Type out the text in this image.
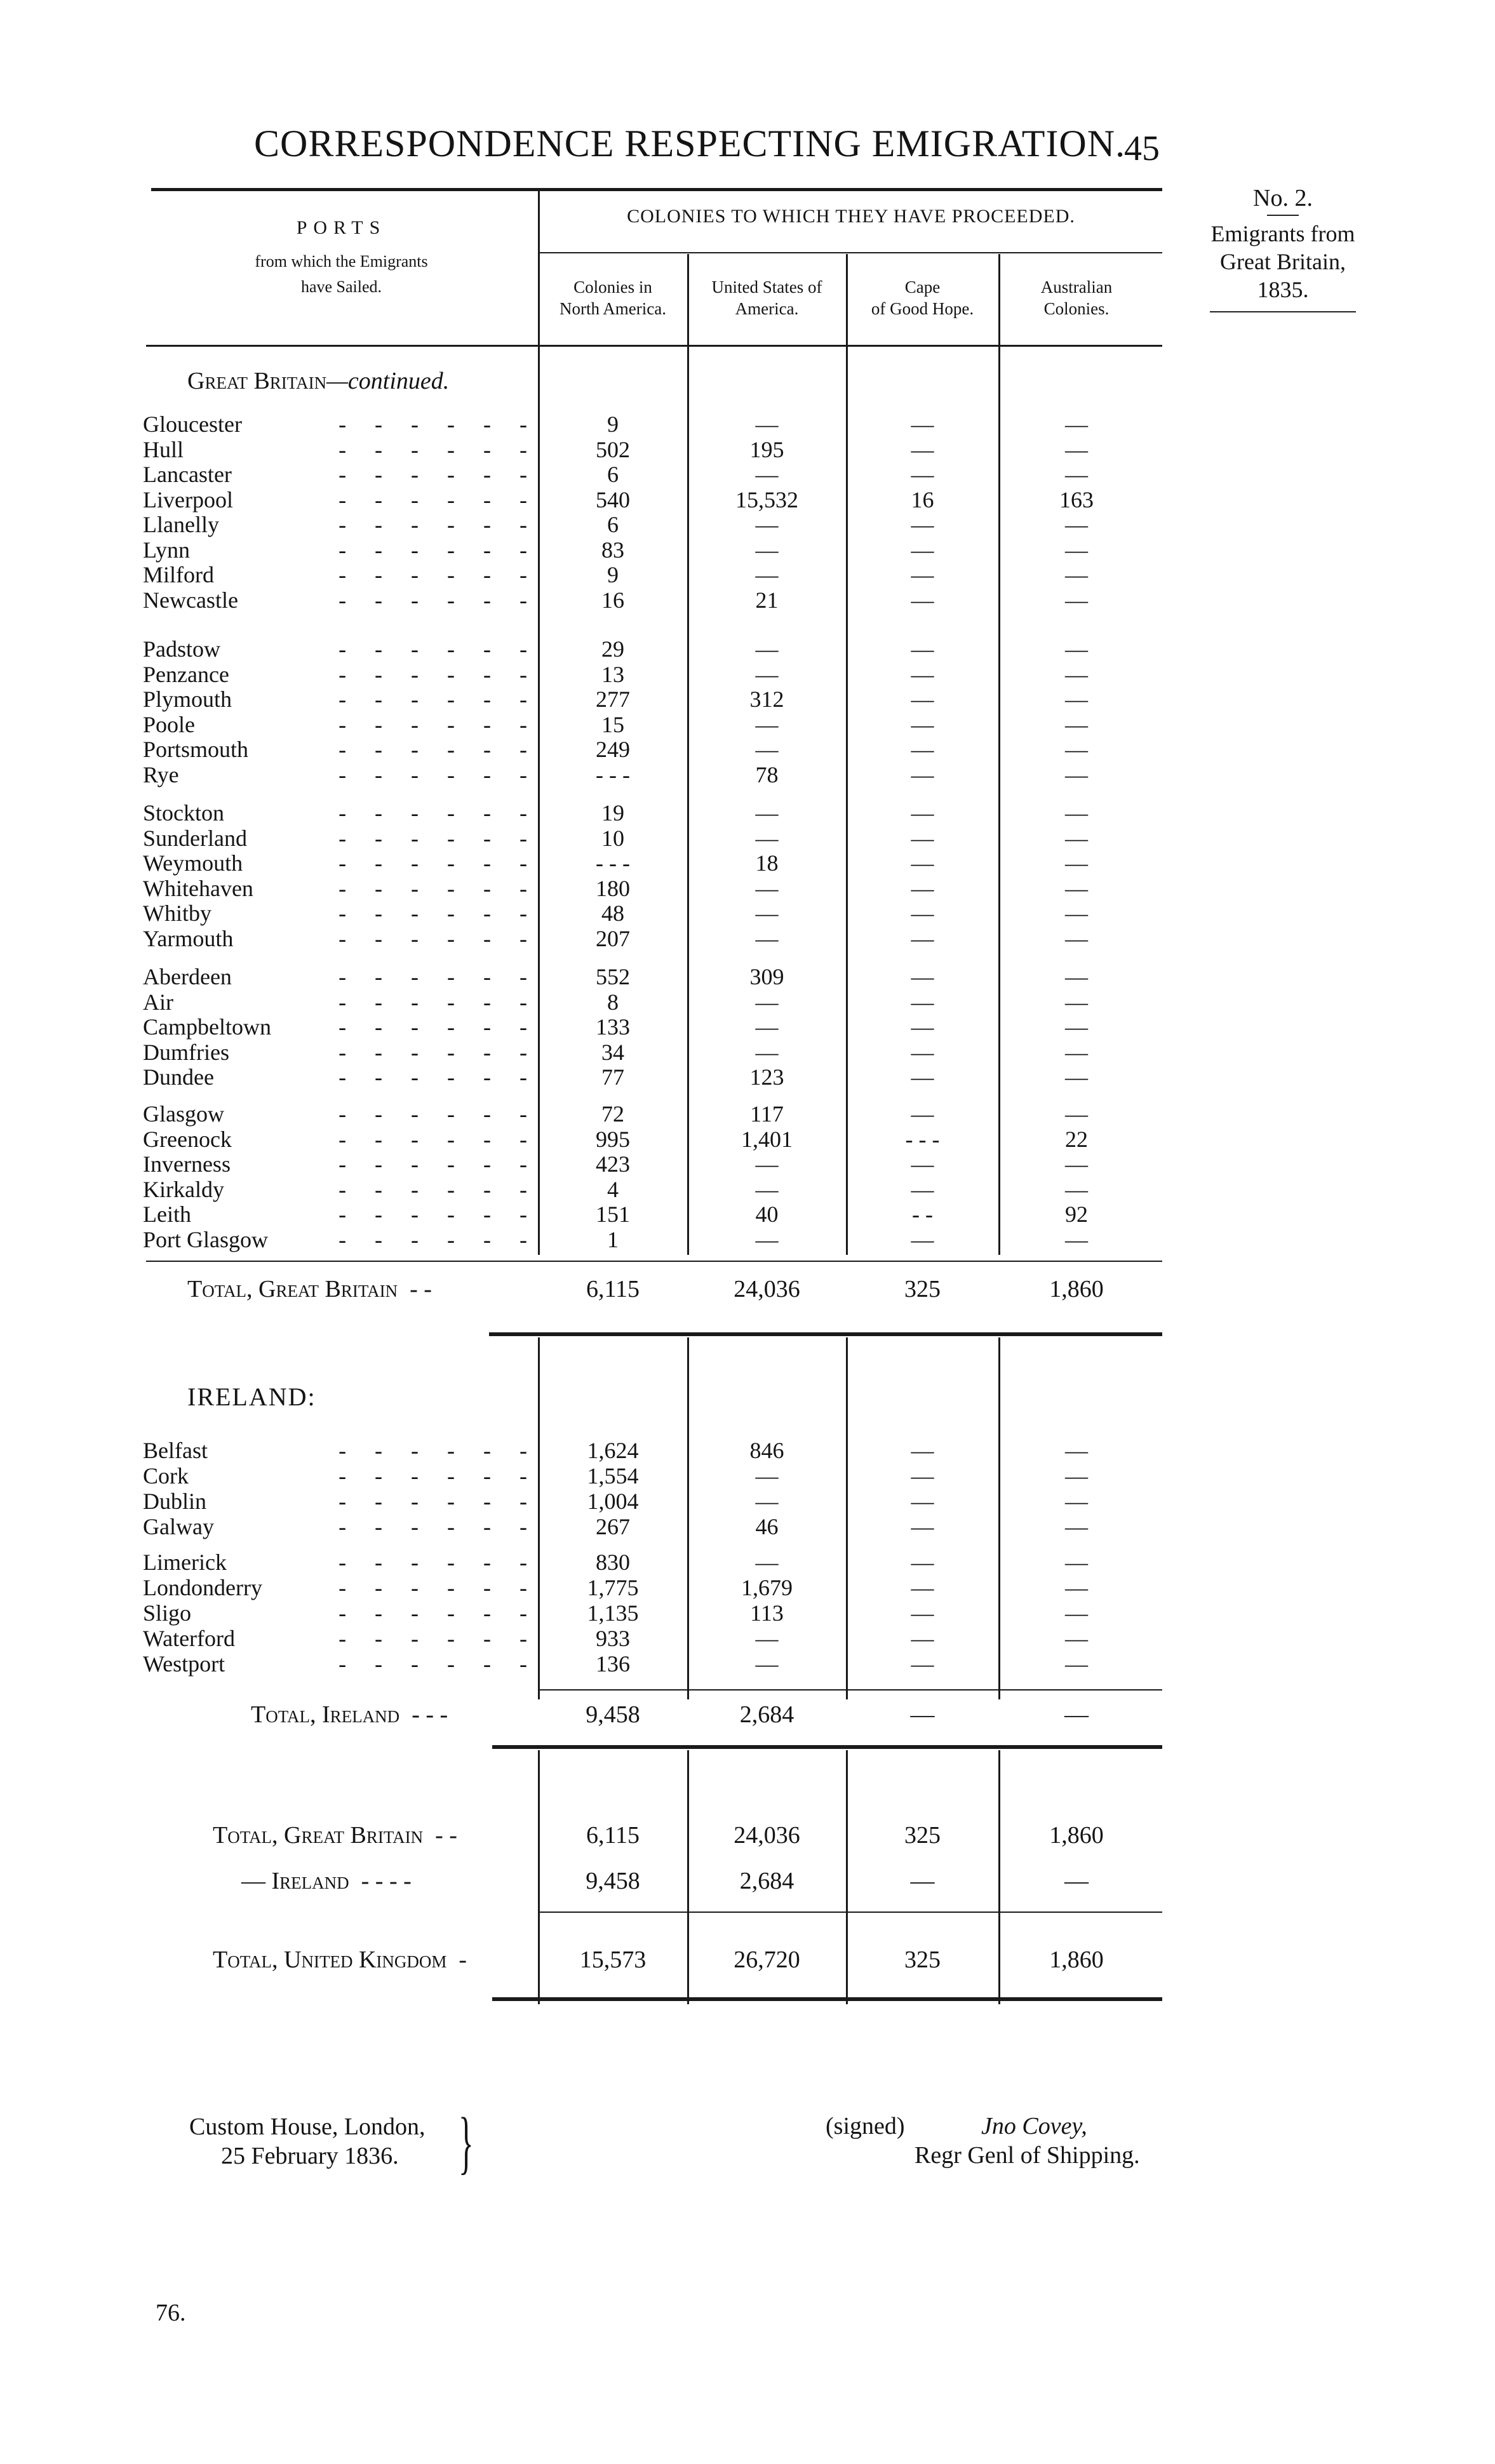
CORRESPONDENCE RESPECTING EMIGRATION.
45
No. 2.
Emigrants from
Great Britain,
1835.
PORTS
from which the Emigrants
have Sailed.
COLONIES TO WHICH THEY HAVE PROCEEDED.
Colonies in
North America.
United States of
America.
Cape
of Good Hope.
Australian
Colonies.
Great Britain—continued.
Gloucester	-     -     -     -     -     -	9	—	—	—
Hull	-     -     -     -     -     -	502	195	—	—
Lancaster	-     -     -     -     -     -	6	—	—	—
Liverpool	-     -     -     -     -     -	540	15,532	16	163
Llanelly	-     -     -     -     -     -	6	—	—	—
Lynn	-     -     -     -     -     -	83	—	—	—
Milford	-     -     -     -     -     -	9	—	—	—
Newcastle	-     -     -     -     -     -	16	21	—	—
Padstow	-     -     -     -     -     -	29	—	—	—
Penzance	-     -     -     -     -     -	13	—	—	—
Plymouth	-     -     -     -     -     -	277	312	—	—
Poole	-     -     -     -     -     -	15	—	—	—
Portsmouth	-     -     -     -     -     -	249	—	—	—
Rye	-     -     -     -     -     -	- - -	78	—	—
Stockton	-     -     -     -     -     -	19	—	—	—
Sunderland	-     -     -     -     -     -	10	—	—	—
Weymouth	-     -     -     -     -     -	- - -	18	—	—
Whitehaven	-     -     -     -     -     -	180	—	—	—
Whitby	-     -     -     -     -     -	48	—	—	—
Yarmouth	-     -     -     -     -     -	207	—	—	—
Aberdeen	-     -     -     -     -     -	552	309	—	—
Air	-     -     -     -     -     -	8	—	—	—
Campbeltown	-     -     -     -     -     -	133	—	—	—
Dumfries	-     -     -     -     -     -	34	—	—	—
Dundee	-     -     -     -     -     -	77	123	—	—
Glasgow	-     -     -     -     -     -	72	117	—	—
Greenock	-     -     -     -     -     -	995	1,401	- - -	22
Inverness	-     -     -     -     -     -	423	—	—	—
Kirkaldy	-     -     -     -     -     -	4	—	—	—
Leith	-     -     -     -     -     -	151	40	- -	92
Port Glasgow	-     -     -     -     -     -	1	—	—	—
Total, Great Britain  - -	6,115	24,036	325	1,860
IRELAND:
Belfast	-     -     -     -     -     -	1,624	846	—	—
Cork	-     -     -     -     -     -	1,554	—	—	—
Dublin	-     -     -     -     -     -	1,004	—	—	—
Galway	-     -     -     -     -     -	267	46	—	—
Limerick	-     -     -     -     -     -	830	—	—	—
Londonderry	-     -     -     -     -     -	1,775	1,679	—	—
Sligo	-     -     -     -     -     -	1,135	113	—	—
Waterford	-     -     -     -     -     -	933	—	—	—
Westport	-     -     -     -     -     -	136	—	—	—
Total, Ireland  - - -	9,458	2,684	—	—
Total, Great Britain  - -	6,115	24,036	325	1,860
— Ireland  - - - -	9,458	2,684	—	—
Total, United Kingdom  -	15,573	26,720	325	1,860
Custom House, London,
25 February 1836. }	(signed)	Jno Covey,
Regr Genl of Shipping.
76.
